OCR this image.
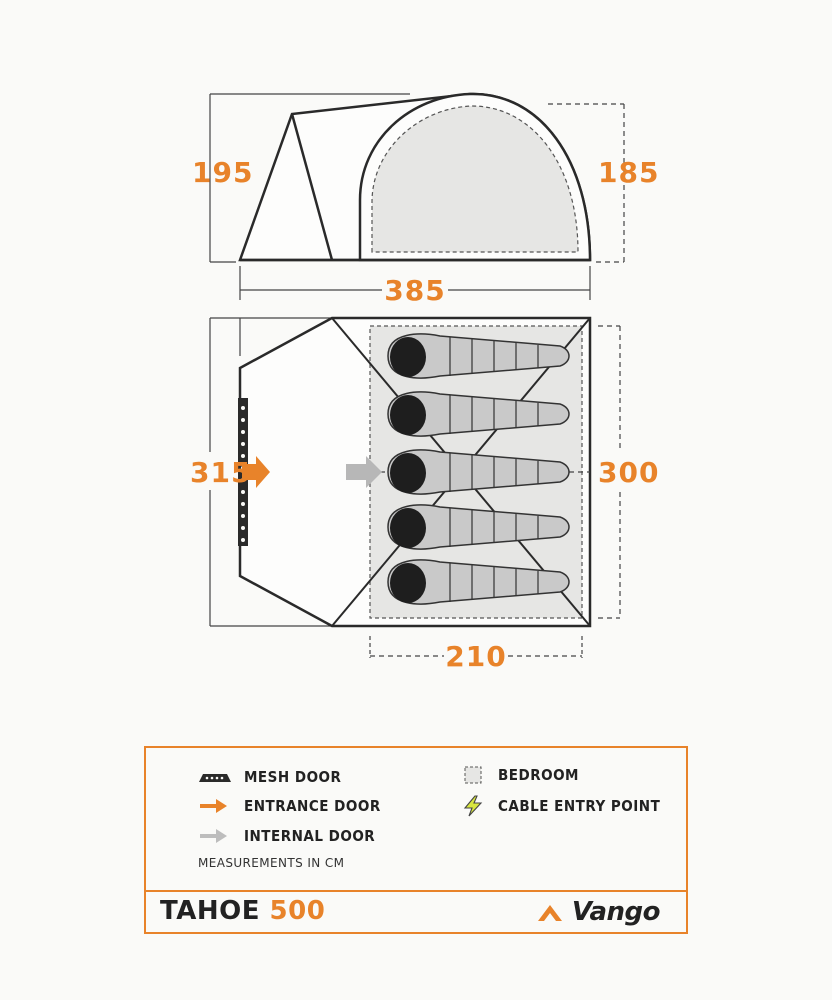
195	185
385
315	300
210
MESH DOOR
ENTRANCE DOOR
INTERNAL DOOR
BEDROOM
CABLE ENTRY POINT
MEASUREMENTS IN CM
TAHOE 500	Vango
